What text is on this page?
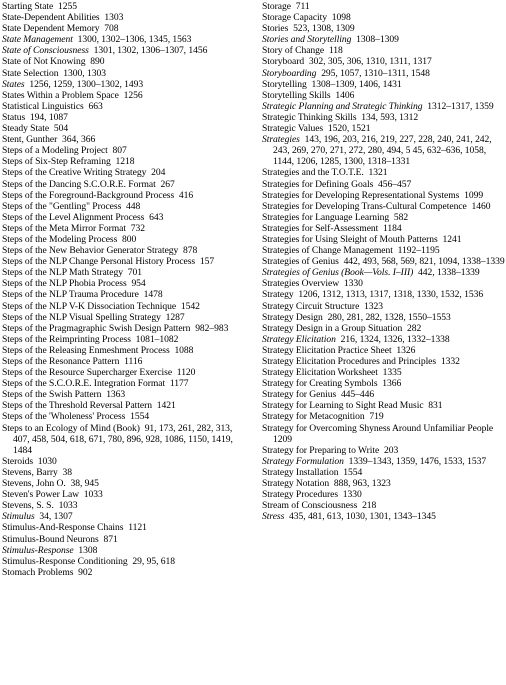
Starting State  1255
State-Dependent Abilities  1303
State Dependent Memory  708
State Management  1300, 1302–1306, 1345, 1563
State of Consciousness  1301, 1302, 1306–1307, 1456
State of Not Knowing  890
State Selection  1300, 1303
States  1256, 1259, 1300–1302, 1493
States Within a Problem Space  1256
Statistical Linguistics  663
Status  194, 1087
Steady State  504
Stent, Gunther  364, 366
Steps of a Modeling Project  807
Steps of Six-Step Reframing  1218
Steps of the Creative Writing Strategy  204
Steps of the Dancing S.C.O.R.E. Format  267
Steps of the Foreground-Background Process  416
Steps of the "Gentling" Process  448
Steps of the Level Alignment Process  643
Steps of the Meta Mirror Format  732
Steps of the Modeling Process  800
Steps of the New Behavior Generator Strategy  878
Steps of the NLP Change Personal History Process  157
Steps of the NLP Math Strategy  701
Steps of the NLP Phobia Process  954
Steps of the NLP Trauma Procedure  1478
Steps of the NLP V-K Dissociation Technique  1542
Steps of the NLP Visual Spelling Strategy  1287
Steps of the Pragmagraphic Swish Design Pattern  982–983
Steps of the Reimprinting Process  1081–1082
Steps of the Releasing Enmeshment Process  1088
Steps of the Resonance Pattern  1116
Steps of the Resource Supercharger Exercise  1120
Steps of the S.C.O.R.E. Integration Format  1177
Steps of the Swish Pattern  1363
Steps of the Threshold Reversal Pattern  1421
Steps of the 'Wholeness' Process  1554
Steps to an Ecology of Mind (Book)  91, 173, 261, 282, 313, 407, 458, 504, 618, 671, 780, 896, 928, 1086, 1150, 1419, 1484
Steroids  1030
Stevens, Barry  38
Stevens, John O.  38, 945
Steven's Power Law  1033
Stevens, S. S.  1033
Stimulus  34, 1307
Stimulus-And-Response Chains  1121
Stimulus-Bound Neurons  871
Stimulus-Response  1308
Stimulus-Response Conditioning  29, 95, 618
Stomach Problems  902
Storage  711
Storage Capacity  1098
Stories  523, 1308, 1309
Stories and Storytelling  1308–1309
Story of Change  118
Storyboard  302, 305, 306, 1310, 1311, 1317
Storyboarding  295, 1057, 1310–1311, 1548
Storytelling  1308–1309, 1406, 1431
Storytelling Skills  1406
Strategic Planning and Strategic Thinking  1312–1317, 1359
Strategic Thinking Skills  134, 593, 1312
Strategic Values  1520, 1521
Strategies  143, 196, 203, 216, 219, 227, 228, 240, 241, 242, 243, 269, 270, 271, 272, 280, 494, 5 45, 632–636, 1058, 1144, 1206, 1285, 1300, 1318–1331
Strategies and the T.O.T.E.  1321
Strategies for Defining Goals  456–457
Strategies for Developing Representational Systems  1099
Strategies for Developing Trans-Cultural Competence  1460
Strategies for Language Learning  582
Strategies for Self-Assessment  1184
Strategies for Using Sleight of Mouth Patterns  1241
Strategies of Change Management  1192–1195
Strategies of Genius  442, 493, 568, 569, 821, 1094, 1338–1339
Strategies of Genius (Book—Vols. I–III)  442, 1338–1339
Strategies Overview  1330
Strategy  1206, 1312, 1313, 1317, 1318, 1330, 1532, 1536
Strategy Circuit Structure  1323
Strategy Design  280, 281, 282, 1328, 1550–1553
Strategy Design in a Group Situation  282
Strategy Elicitation  216, 1324, 1326, 1332–1338
Strategy Elicitation Practice Sheet  1326
Strategy Elicitation Procedures and Principles  1332
Strategy Elicitation Worksheet  1335
Strategy for Creating Symbols  1366
Strategy for Genius  445–446
Strategy for Learning to Sight Read Music  831
Strategy for Metacognition  719
Strategy for Overcoming Shyness Around Unfamiliar People 1209
Strategy for Preparing to Write  203
Strategy Formulation  1339–1343, 1359, 1476, 1533, 1537
Strategy Installation  1554
Strategy Notation  888, 963, 1323
Strategy Procedures  1330
Stream of Consciousness  218
Stress  435, 481, 613, 1030, 1301, 1343–1345
